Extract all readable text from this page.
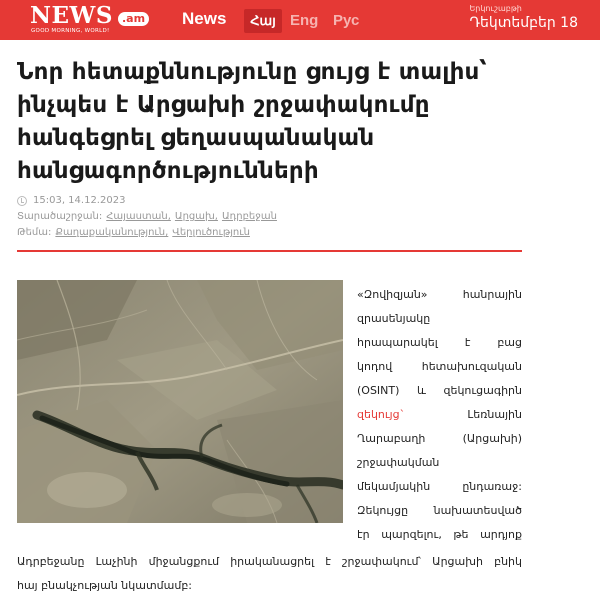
NEWS .am
GOOD MORNING, WORLD!
News	Հայ Eng Рус
Երկուշաբթի
Դեկտեմբեր 18
Նոր հետաքննությունը ցույց է տալիս՝
ինչպես է Արցախի շրջափակումը
հանգեցրել ցեղասպանական
հանցագործությունների
15:03, 14.12.2023
Տարածաշրջան: Հայաստան, Արցախ, Ադրբեջան
Թեմա: Քաղաքականություն, Վերլուծություն
«Զովիզյան»	հանրային
զրասենյակը
հրապարակել է բաց
կոդով	հետախուզական
(OSINT) և զեկուցագիրն
զեկույց`	Լեռնային
Ղարաբաղի	(Արցախի)
շրջափակման
մեկամյակին	ընդառաջ:
Զեկույցը նախատեսված
էր պարզելու, թե արդյոք
Ադրբեջանը Լաչինի միջանցքում իրականացրել է շրջափակում՝ Արցախի բնիկ
հայ բնակչության նկատմամբ:
